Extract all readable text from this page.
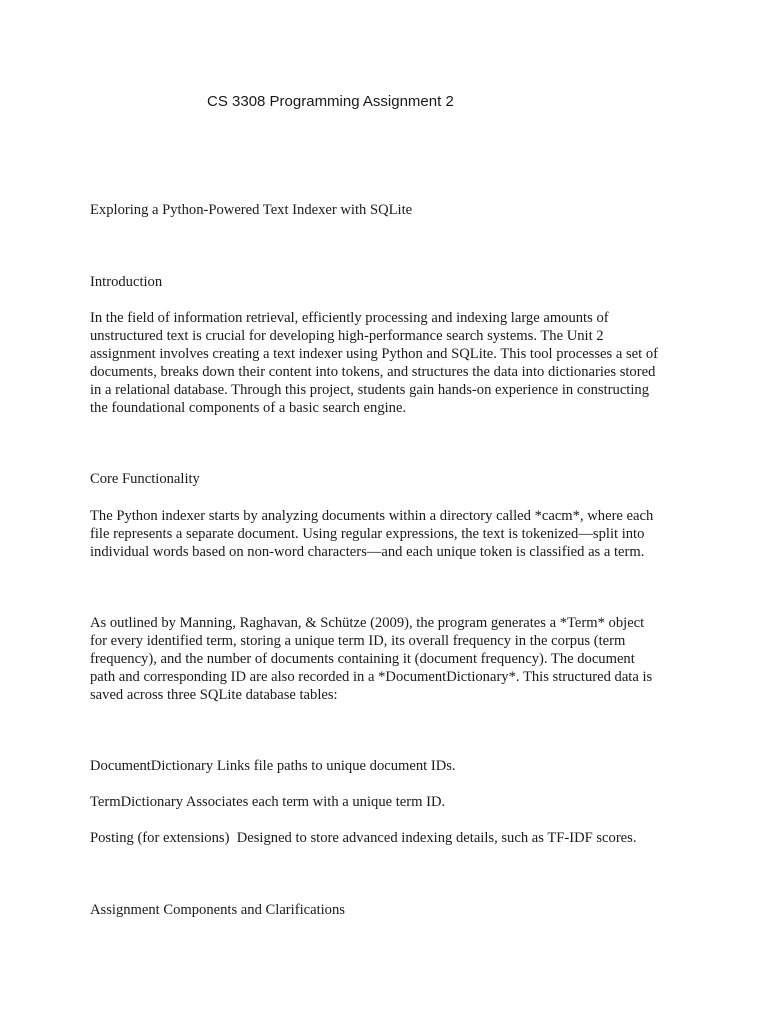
CS 3308 Programming Assignment 2
Exploring a Python-Powered Text Indexer with SQLite
Introduction

In the field of information retrieval, efficiently processing and indexing large amounts of
unstructured text is crucial for developing high-performance search systems. The Unit 2
assignment involves creating a text indexer using Python and SQLite. This tool processes a set of
documents, breaks down their content into tokens, and structures the data into dictionaries stored
in a relational database. Through this project, students gain hands-on experience in constructing
the foundational components of a basic search engine.

Core Functionality

The Python indexer starts by analyzing documents within a directory called *cacm*, where each
file represents a separate document. Using regular expressions, the text is tokenized—split into
individual words based on non-word characters—and each unique token is classified as a term.

As outlined by Manning, Raghavan, & Schütze (2009), the program generates a *Term* object
for every identified term, storing a unique term ID, its overall frequency in the corpus (term
frequency), and the number of documents containing it (document frequency). The document
path and corresponding ID are also recorded in a *DocumentDictionary*. This structured data is
saved across three SQLite database tables:

DocumentDictionary Links file paths to unique document IDs.
TermDictionary Associates each term with a unique term ID.
Posting (for extensions)  Designed to store advanced indexing details, such as TF-IDF scores.
Assignment Components and Clarifications
